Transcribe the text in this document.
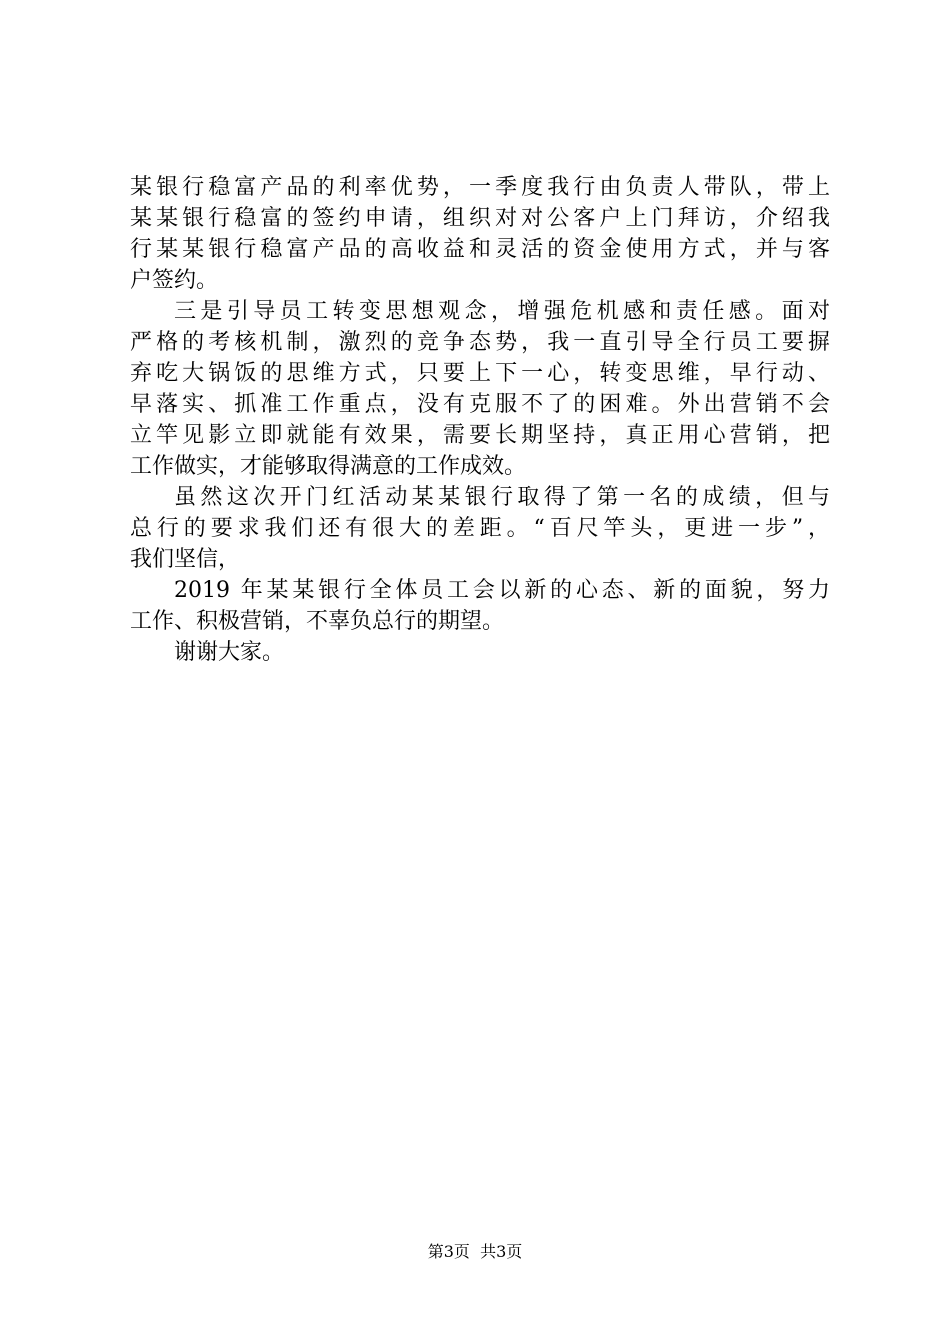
某银行稳富产品的利率优势，一季度我行由负责人带队，带上
某某银行稳富的签约申请，组织对对公客户上门拜访，介绍我
行某某银行稳富产品的高收益和灵活的资金使用方式，并与客
户签约。
三是引导员工转变思想观念，增强危机感和责任感。面对
严格的考核机制，激烈的竞争态势，我一直引导全行员工要摒
弃吃大锅饭的思维方式，只要上下一心，转变思维，早行动、
早落实、抓准工作重点，没有克服不了的困难。外出营销不会
立竿见影立即就能有效果，需要长期坚持，真正用心营销，把
工作做实，才能够取得满意的工作成效。
虽然这次开门红活动某某银行取得了第一名的成绩，但与
总行的要求我们还有很大的差距。“百尺竿头，更进一步”，
我们坚信，
2019 年某某银行全体员工会以新的心态、新的面貌，努力
工作、积极营销，不辜负总行的期望。
谢谢大家。
第3页  共3页
